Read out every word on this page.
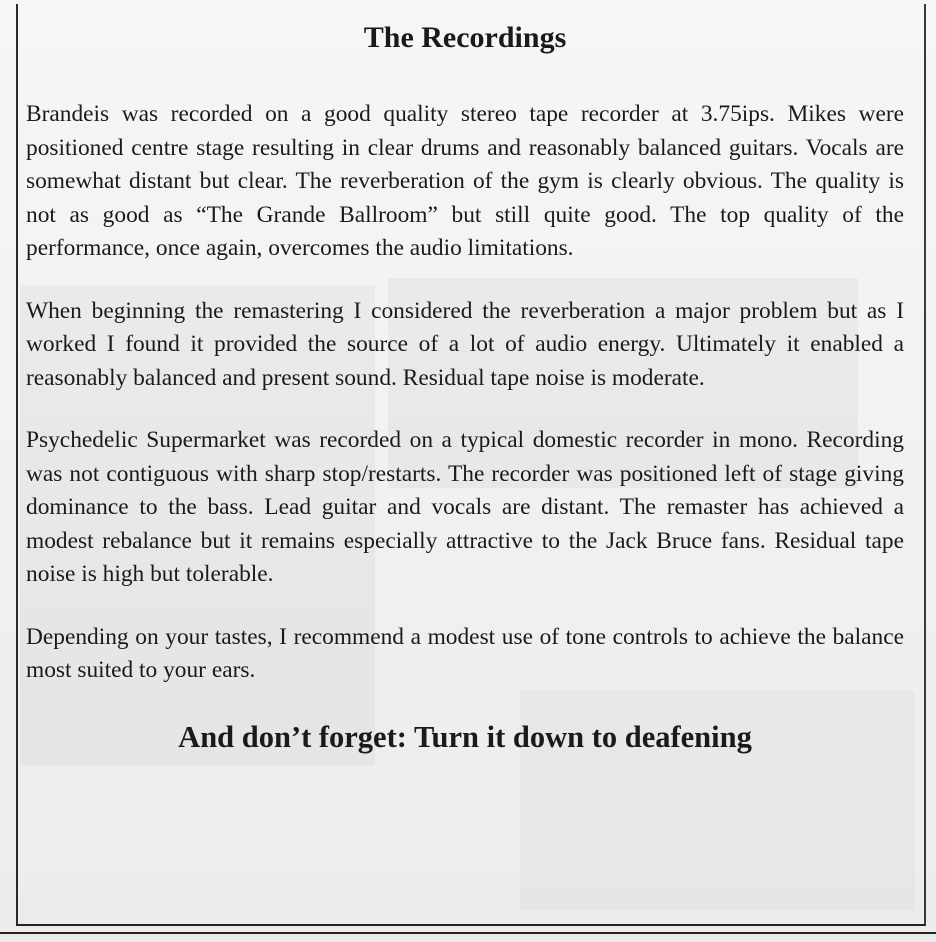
The Recordings

Brandeis was recorded on a good quality stereo tape recorder at 3.75ips. Mikes were positioned centre stage resulting in clear drums and reasonably balanced guitars. Vocals are somewhat distant but clear. The reverberation of the gym is clearly obvious. The quality is not as good as “The Grande Ballroom” but still quite good. The top quality of the performance, once again, overcomes the audio limitations.

When beginning the remastering I considered the reverberation a major problem but as I worked I found it provided the source of a lot of audio energy. Ultimately it enabled a reasonably balanced and present sound. Residual tape noise is moderate.

Psychedelic Supermarket was recorded on a typical domestic recorder in mono. Recording was not contiguous with sharp stop/restarts. The recorder was positioned left of stage giving dominance to the bass. Lead guitar and vocals are distant. The remaster has achieved a modest rebalance but it remains especially attractive to the Jack Bruce fans. Residual tape noise is high but tolerable.

Depending on your tastes, I recommend a modest use of tone controls to achieve the balance most suited to your ears.

And don’t forget: Turn it down to deafening
